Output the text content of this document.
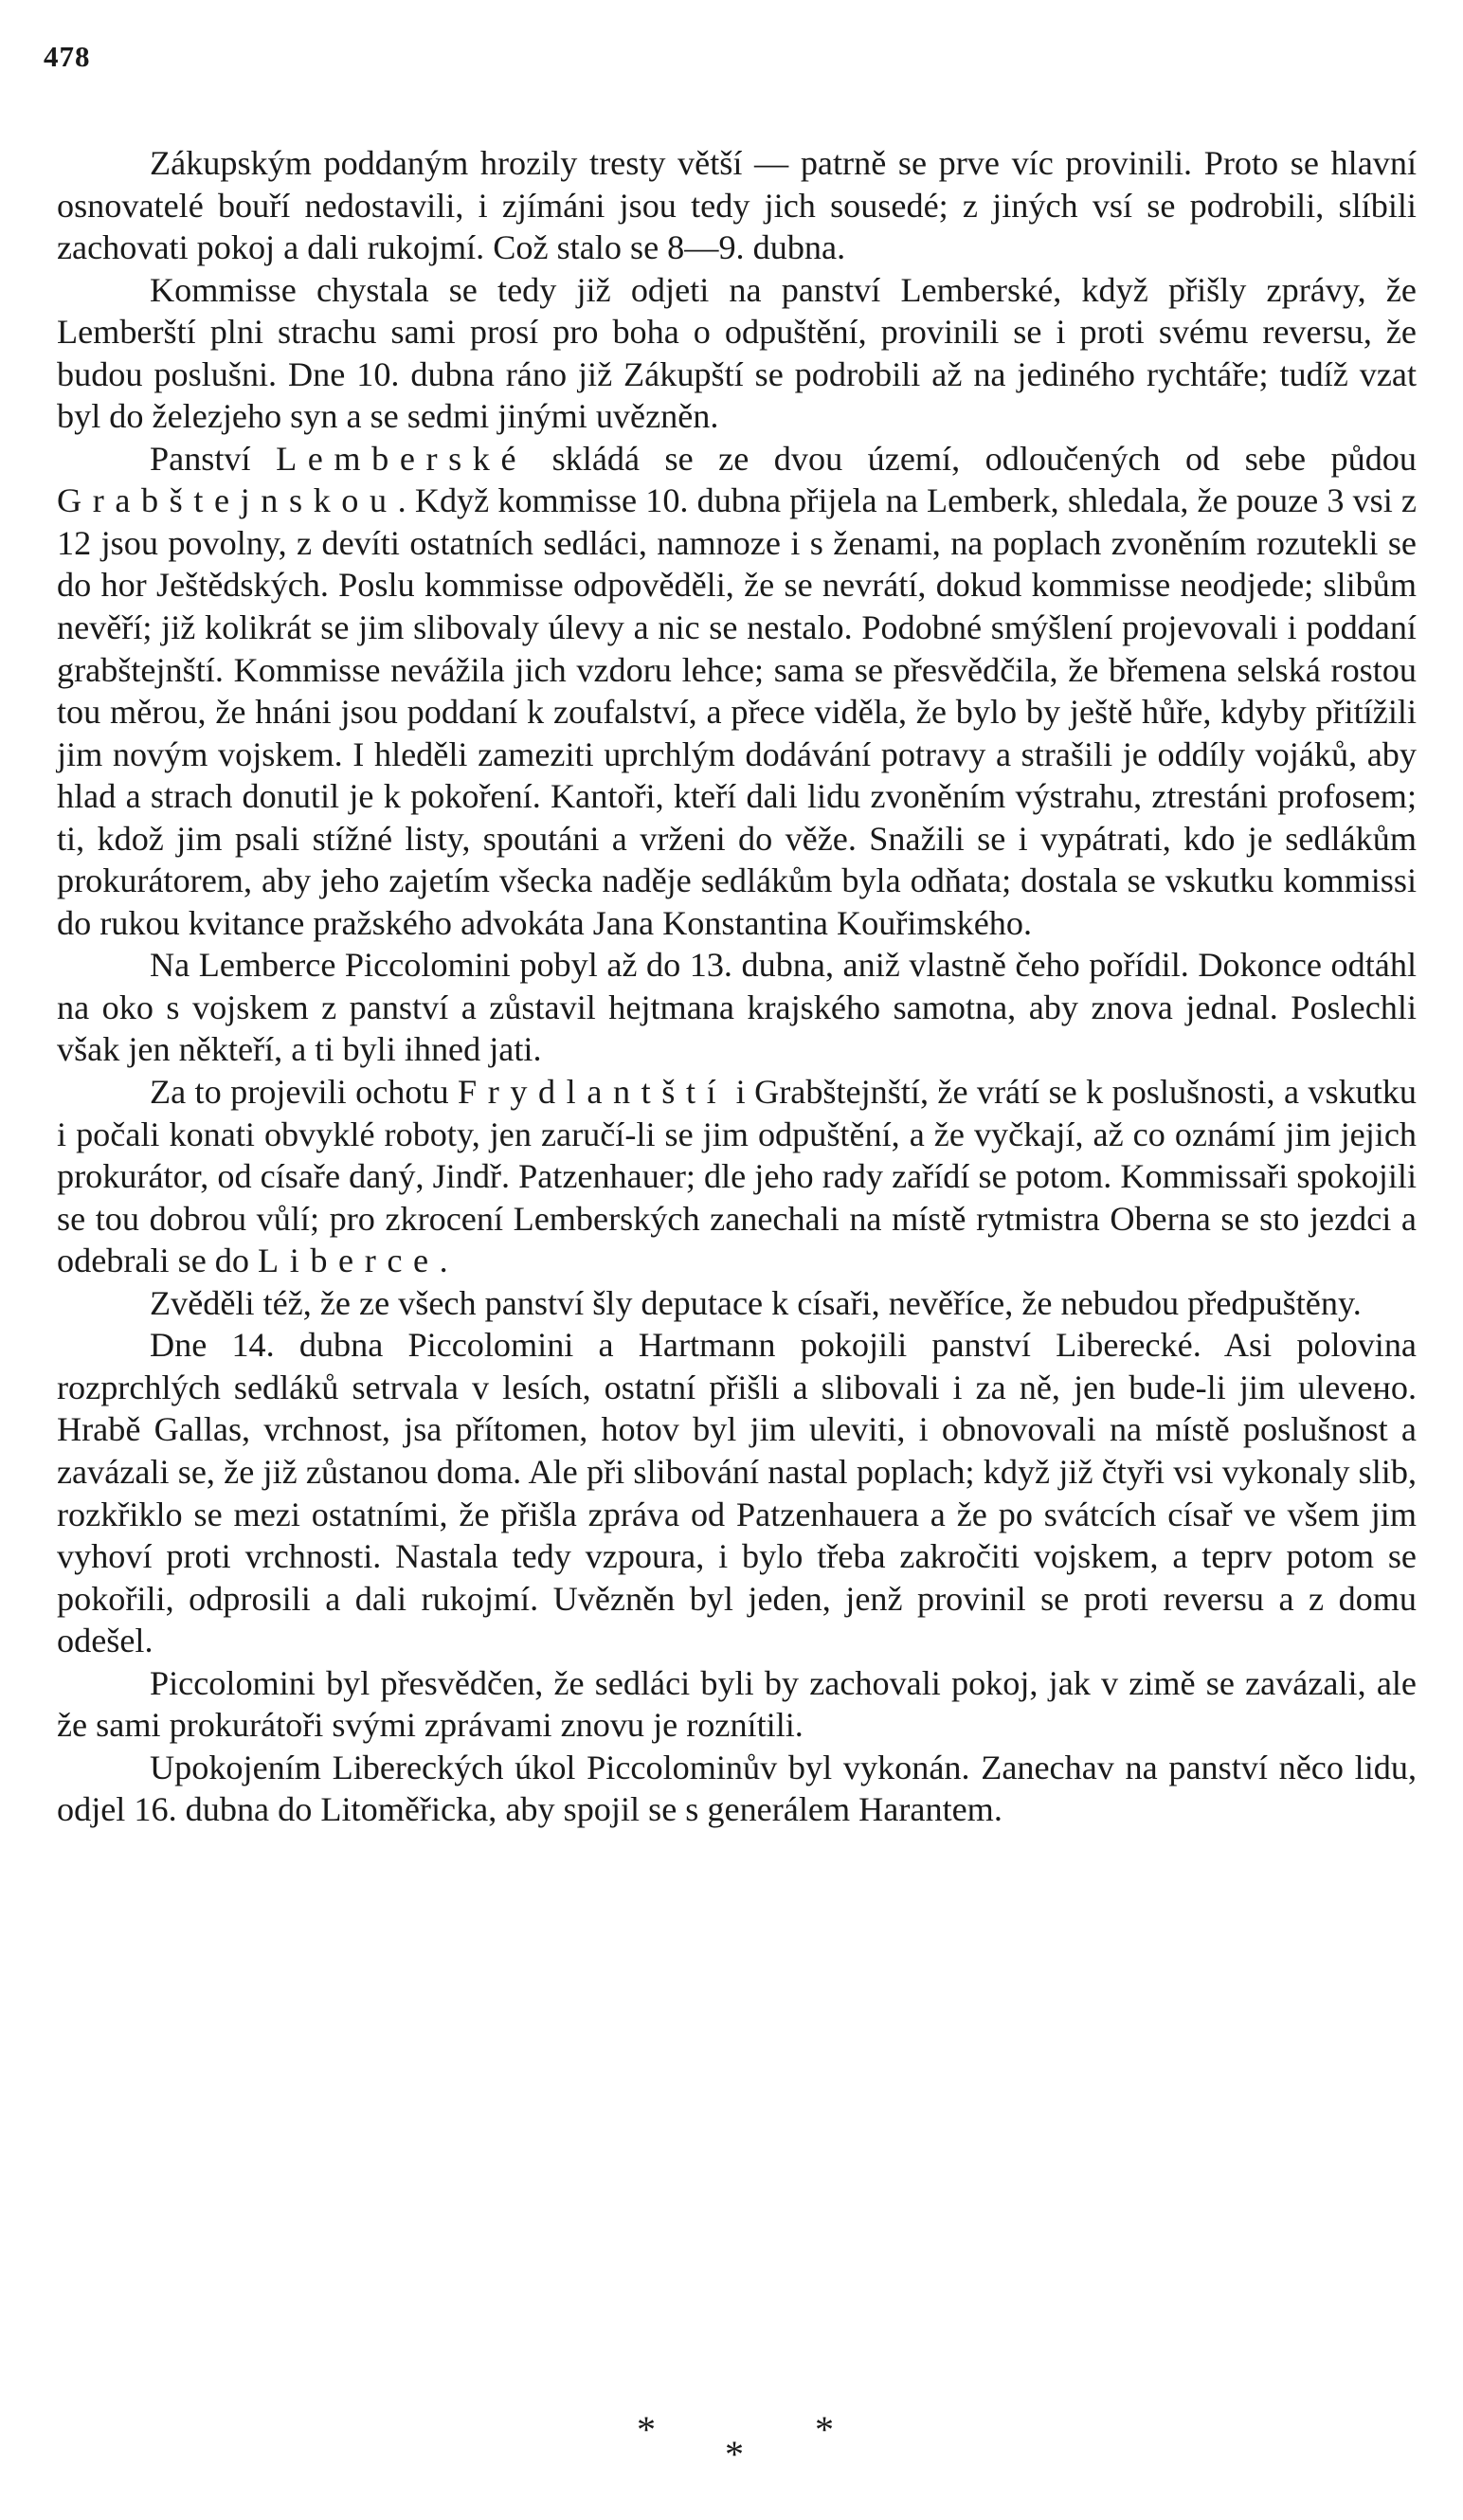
478

Zákupským poddaným hrozily tresty větší — patrně se prve víc provinili. Proto se hlavní osnovatelé bouří nedostavili, i zjímáni jsou tedy jich sousedé; z jiných vsí se podrobili, slíbili zachovati pokoj a dali rukojmí. Což stalo se 8—9. dubna.

Kommisse chystala se tedy již odjeti na panství Lemberské, když přišly zprávy, že Lemberští plni strachu sami prosí pro boha o odpuštění, provinili se i proti svému reversu, že budou poslušni. Dne 10. dubna ráno již Zákupští se podrobili až na jediného rychtáře; tudíž vzat byl do železjeho syn a se sedmi jinými uvězněn.

Panství Lemberské skládá se ze dvou území, odloučených od sebe půdou Grabštejnskou. Když kommisse 10. dubna přijela na Lemberk, shledala, že pouze 3 vsi z 12 jsou povolny, z devíti ostatních sedláci, namnoze i s ženami, na poplach zvoněním rozutekli se do hor Ještědských. Poslu kommisse odpověděli, že se nevrátí, dokud kommisse neodjede; slibům nevěří; již kolikrát se jim slibovaly úlevy a nic se nestalo. Podobné smýšlení projevovali i poddaní grabštejnští. Kommisse nevážila jich vzdoru lehce; sama se přesvědčila, že břemena selská rostou tou měrou, že hnáni jsou poddaní k zoufalství, a přece viděla, že bylo by ještě hůře, kdyby přitížili jim novým vojskem. I hleděli zameziti uprchlým dodávání potravy a strašili je oddíly vojáků, aby hlad a strach donutil je k pokoření. Kantoři, kteří dali lidu zvoněním výstrahu, ztrestáni profosem; ti, kdož jim psali stížné listy, spoutáni a vrženi do věže. Snažili se i vypátrati, kdo je sedlákům prokurátorem, aby jeho zajetím všecka naděje sedlákům byla odňata; dostala se vskutku kommissi do rukou kvitance pražského advokáta Jana Konstantina Kouřimského.

Na Lemberce Piccolomini pobyl až do 13. dubna, aniž vlastně čeho pořídil. Dokonce odtáhl na oko s vojskem z panství a zůstavil hejtmana krajského samotna, aby znova jednal. Poslechli však jen někteří, a ti byli ihned jati.

Za to projevili ochotu Frydlantští i Grabštejnští, že vrátí se k poslušnosti, a vskutku i počali konati obvyklé roboty, jen zaručí-li se jim odpuštění, a že vyčkají, až co oznámí jim jejich prokurátor, od císaře daný, Jindř. Patzenhauer; dle jeho rady zařídí se potom. Kommissaři spokojili se tou dobrou vůlí; pro zkrocení Lemberských zanechali na místě rytmistra Oberna se sto jezdci a odebrali se do Liberce.

Zvěděli též, že ze všech panství šly deputace k císaři, nevěříce, že nebudou předpuštěny.

Dne 14. dubna Piccolomini a Hartmann pokojili panství Liberecké. Asi polovina rozprchlých sedláků setrvala v lesích, ostatní přišli a slibovali i za ně, jen bude-li jim ulevено. Hrabě Gallas, vrchnost, jsa přítomen, hotov byl jim uleviti, i obnovovali na místě poslušnost a zavázali se, že již zůstanou doma. Ale při slibování nastal poplach; když již čtyři vsi vykonaly slib, rozkřiklo se mezi ostatními, že přišla zpráva od Patzenhauera a že po svátcích císař ve všem jim vyhoví proti vrchnosti. Nastala tedy vzpoura, i bylo třeba zakročiti vojskem, a teprv potom se pokořili, odprosili a dali rukojmí. Uvězněn byl jeden, jenž provinil se proti reversu a z domu odešel.

Piccolomini byl přesvědčen, že sedláci byli by zachovali pokoj, jak v zimě se zavázali, ale že sami prokurátoři svými zprávami znovu je roznítili.

Upokojením Libereckých úkol Piccolominův byl vykonán. Zanechav na panství něco lidu, odjel 16. dubna do Litoměřicka, aby spojil se s generálem Harantem.

*
*
*
